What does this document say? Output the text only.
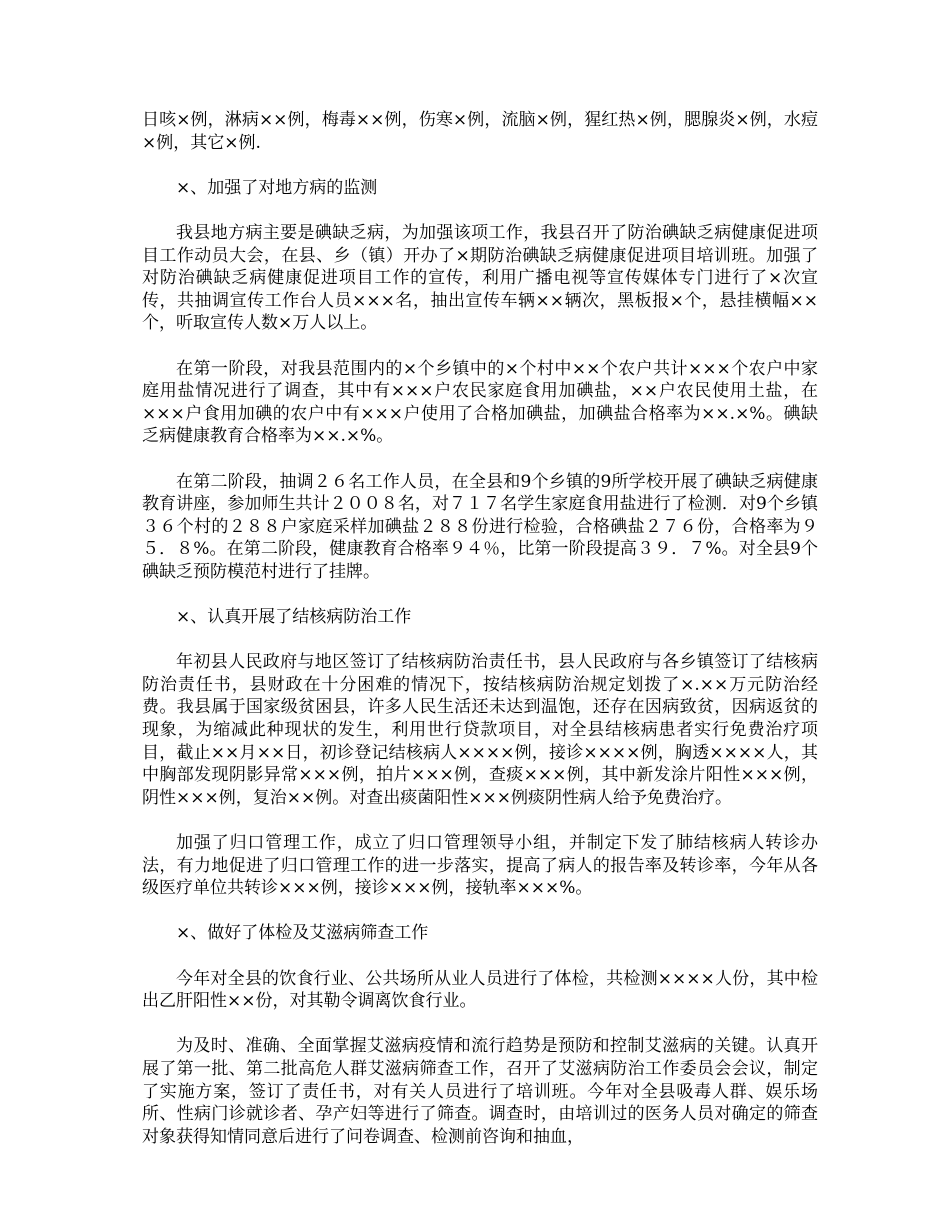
日咳×例，淋病××例，梅毒××例，伤寒×例，流脑×例，猩红热×例，腮腺炎×例，水痘×例，其它×例.

×、加强了对地方病的监测

我县地方病主要是碘缺乏病，为加强该项工作，我县召开了防治碘缺乏病健康促进项目工作动员大会，在县、乡（镇）开办了×期防治碘缺乏病健康促进项目培训班。加强了对防治碘缺乏病健康促进项目工作的宣传，利用广播电视等宣传媒体专门进行了×次宣传，共抽调宣传工作台人员×××名，抽出宣传车辆××辆次，黑板报×个，悬挂横幅××个，听取宣传人数×万人以上。

在第一阶段，对我县范围内的×个乡镇中的×个村中××个农户共计×××个农户中家庭用盐情况进行了调查，其中有×××户农民家庭食用加碘盐，××户农民使用土盐，在×××户食用加碘的农户中有×××户使用了合格加碘盐，加碘盐合格率为××.×%。碘缺乏病健康教育合格率为××.×%。

在第二阶段，抽调２６名工作人员，在全县和9个乡镇的9所学校开展了碘缺乏病健康教育讲座，参加师生共计２００８名，对７１７名学生家庭食用盐进行了检测．对9个乡镇３６个村的２８８户家庭采样加碘盐２８８份进行检验，合格碘盐２７６份，合格率为９５．８%。在第二阶段，健康教育合格率９４％，比第一阶段提高３９．７%。对全县9个碘缺乏预防模范村进行了挂牌。

×、认真开展了结核病防治工作

年初县人民政府与地区签订了结核病防治责任书，县人民政府与各乡镇签订了结核病防治责任书，县财政在十分困难的情况下，按结核病防治规定划拨了×.××万元防治经费。我县属于国家级贫困县，许多人民生活还未达到温饱，还存在因病致贫，因病返贫的现象，为缩减此种现状的发生，利用世行贷款项目，对全县结核病患者实行免费治疗项目，截止××月××日，初诊登记结核病人××××例，接诊××××例，胸透××××人，其中胸部发现阴影异常×××例，拍片×××例，查痰×××例，其中新发涂片阳性×××例，阴性×××例，复治××例。对查出痰菌阳性×××例痰阴性病人给予免费治疗。

加强了归口管理工作，成立了归口管理领导小组，并制定下发了肺结核病人转诊办法，有力地促进了归口管理工作的进一步落实，提高了病人的报告率及转诊率，今年从各级医疗单位共转诊×××例，接诊×××例，接轨率×××%。

×、做好了体检及艾滋病筛查工作

今年对全县的饮食行业、公共场所从业人员进行了体检，共检测××××人份，其中检出乙肝阳性××份，对其勒令调离饮食行业。

为及时、准确、全面掌握艾滋病疫情和流行趋势是预防和控制艾滋病的关键。认真开展了第一批、第二批高危人群艾滋病筛查工作，召开了艾滋病防治工作委员会会议，制定了实施方案，签订了责任书，对有关人员进行了培训班。今年对全县吸毒人群、娱乐场所、性病门诊就诊者、孕产妇等进行了筛查。调查时，由培训过的医务人员对确定的筛查对象获得知情同意后进行了问卷调查、检测前咨询和抽血，
